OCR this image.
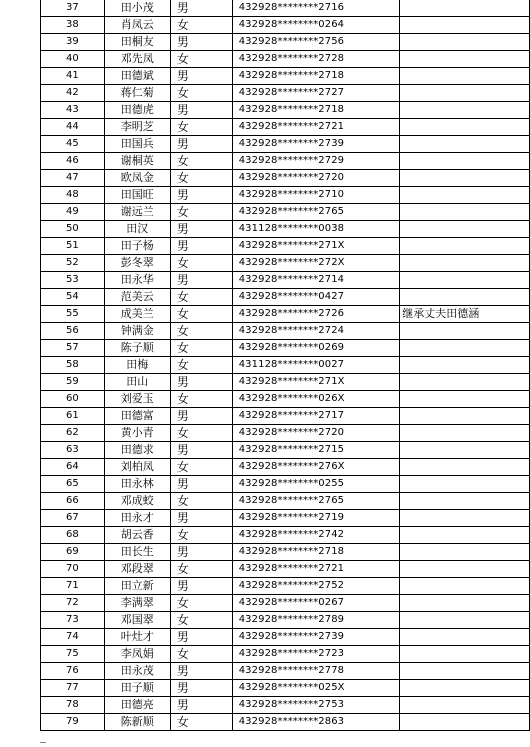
37	田小茂	男	432928********2716	
38	肖凤云	女	432928********0264	
39	田桐友	男	432928********2756	
40	邓先凤	女	432928********2728	
41	田德斌	男	432928********2718	
42	蒋仁菊	女	432928********2727	
43	田德虎	男	432928********2718	
44	李明芝	女	432928********2721	
45	田国兵	男	432928********2739	
46	谢桐英	女	432928********2729	
47	欧凤金	女	432928********2720	
48	田国旺	男	432928********2710	
49	谢远兰	女	432928********2765	
50	田汉	男	431128********0038	
51	田子杨	男	432928********271X	
52	彭冬翠	女	432928********272X	
53	田永华	男	432928********2714	
54	范美云	女	432928********0427	
55	成美兰	女	432928********2726	继承丈夫田德涵
56	钟满金	女	432928********2724	
57	陈子顺	女	432928********0269	
58	田梅	女	431128********0027	
59	田山	男	432928********271X	
60	刘爱玉	女	432928********026X	
61	田德富	男	432928********2717	
62	黄小青	女	432928********2720	
63	田德求	男	432928********2715	
64	刘柏凤	女	432928********276X	
65	田永林	男	432928********0255	
66	邓成蛟	女	432928********2765	
67	田永才	男	432928********2719	
68	胡云香	女	432928********2742	
69	田长生	男	432928********2718	
70	邓段翠	女	432928********2721	
71	田立新	男	432928********2752	
72	李满翠	女	432928********0267	
73	邓国翠	女	432928********2789	
74	叶灶才	男	432928********2739	
75	李凤娟	女	432928********2723	
76	田永茂	男	432928********2778	
77	田子顺	男	432928********025X	
78	田德亮	男	432928********2753	
79	陈新顺	女	432928********2863	
